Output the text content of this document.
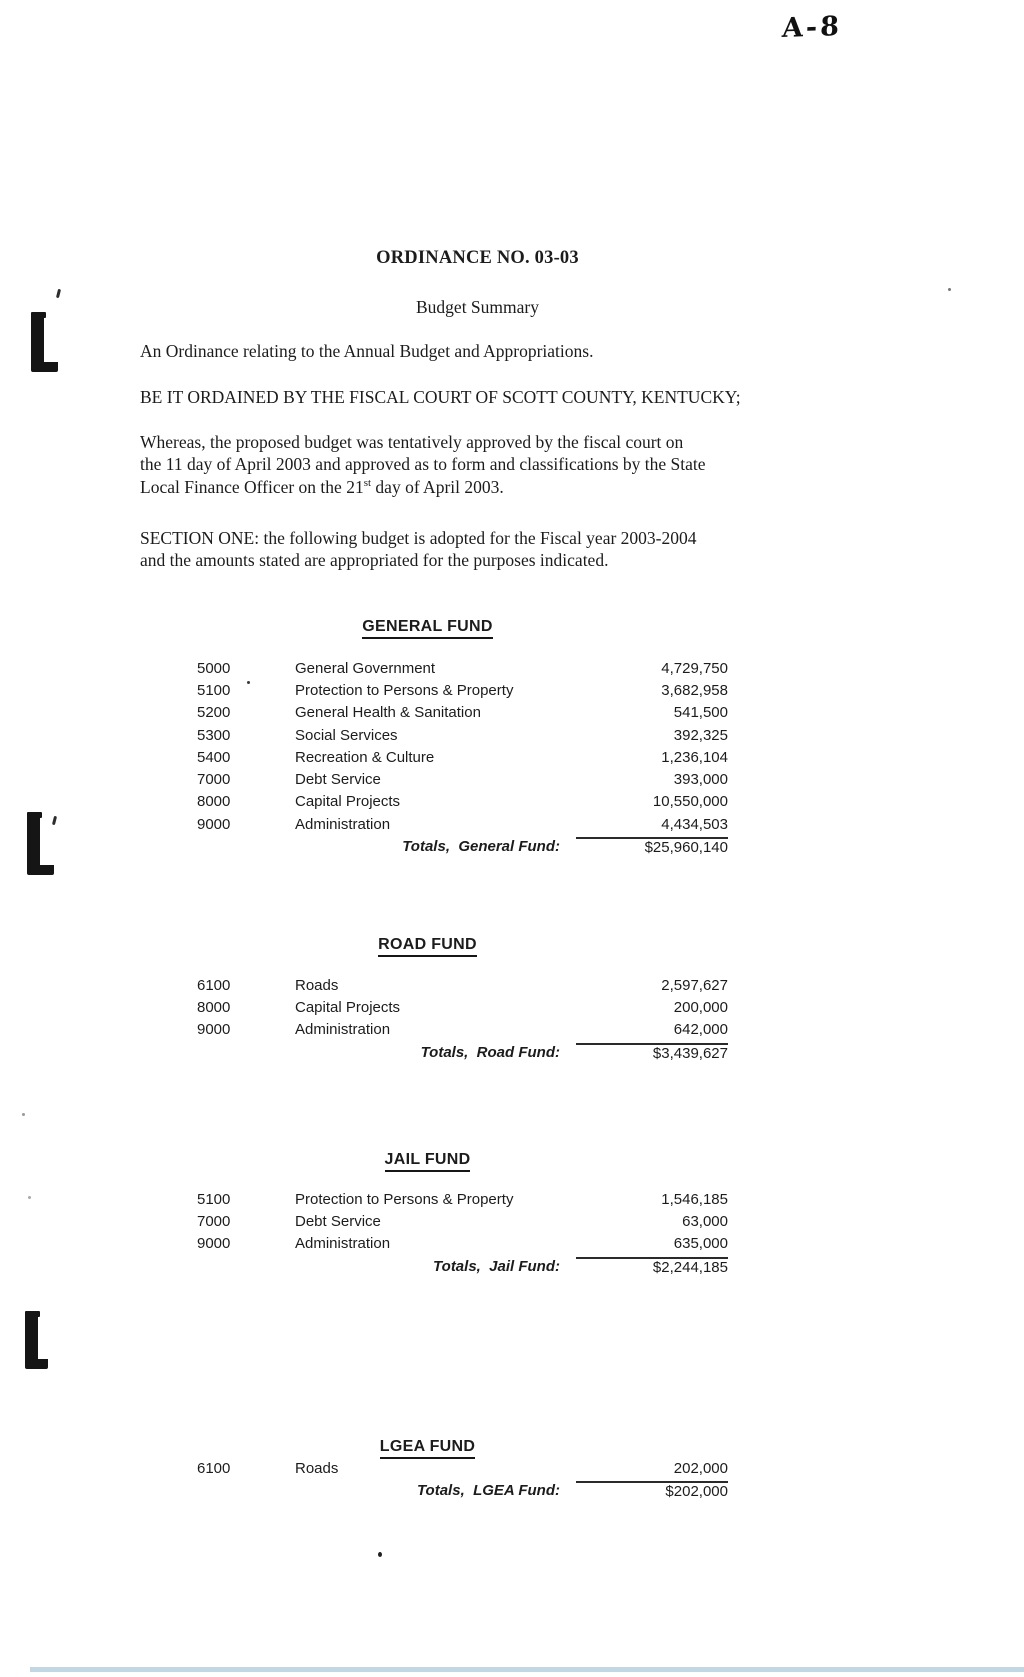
A-8
ORDINANCE NO. 03-03
Budget Summary
An Ordinance relating to the Annual Budget and Appropriations.
BE IT ORDAINED BY THE FISCAL COURT OF SCOTT COUNTY, KENTUCKY;
Whereas, the proposed budget was tentatively approved by the fiscal court on
the 11 day of April 2003 and approved as to form and classifications by the State
Local Finance Officer on the 21st day of April 2003.
SECTION ONE: the following budget is adopted for the Fiscal year 2003-2004
and the amounts stated are appropriated for the purposes indicated.
GENERAL FUND
5000	General Government	4,729,750
5100	Protection to Persons & Property	3,682,958
5200	General Health & Sanitation	541,500
5300	Social Services	392,325
5400	Recreation & Culture	1,236,104
7000	Debt Service	393,000
8000	Capital Projects	10,550,000
9000	Administration	4,434,503
Totals,  General Fund:	$25,960,140
ROAD FUND
6100	Roads	2,597,627
8000	Capital Projects	200,000
9000	Administration	642,000
Totals,  Road Fund:	$3,439,627
JAIL FUND
5100	Protection to Persons & Property	1,546,185
7000	Debt Service	63,000
9000	Administration	635,000
Totals,  Jail Fund:	$2,244,185
LGEA FUND
6100	Roads	202,000
Totals,  LGEA Fund:	$202,000
